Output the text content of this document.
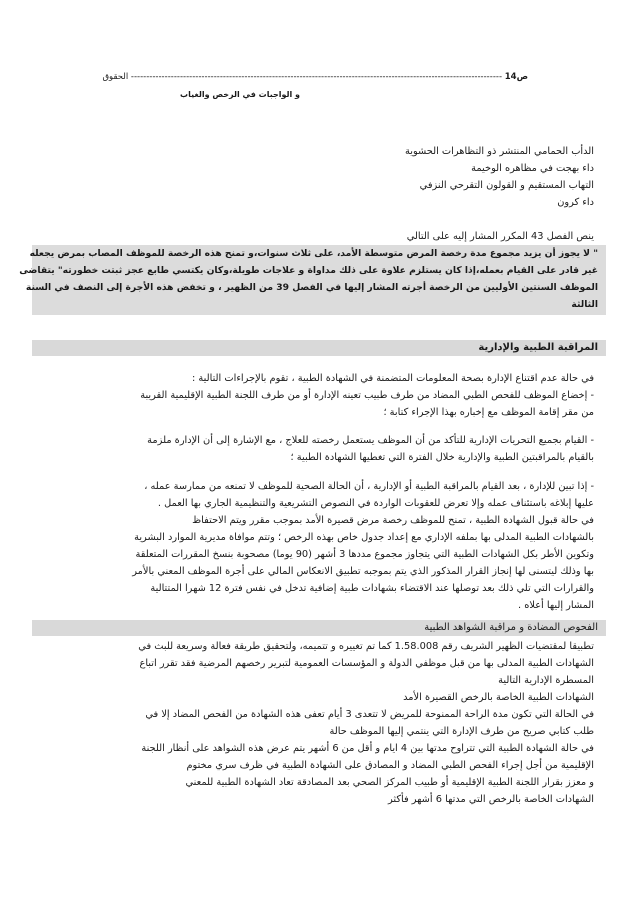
ص14 ------------------------------------------------------------------------------------------------------------------------- الحقوق
و الواجبات في الرخص والغياب
الدأب الحمامي المنتشر ذو التظاهرات الحشوية
داء بهجت في مظاهره الوخيمة
التهاب المستقيم و القولون التقرحي النزفي
داء كرون
ينص الفصل 43 المكرر المشار إليه على التالي
" لا يجوز أن يزيد مجموع مدة رخصة المرض متوسطة الأمد، على ثلاث سنوات،و تمنح هذه الرخصة للموظف المصاب بمرض يجعله
غير قادر على القيام بعمله،إذا كان يستلزم علاوة على ذلك مداواة و علاجات طويلة،وكان يكتسي طابع عجز ثبتت خطورته" يتقاضى
الموظف السنتين الأوليين من الرخصة أجرته المشار إليها في الفصل 39 من الظهير ، و تخفض هذه الأجرة إلى النصف في السنة
الثالثة
المراقبة الطبية والإدارية
في حالة عدم اقتناع الإدارة بصحة المعلومات المتضمنة في الشهادة الطبية ، تقوم بالإجراءات التالية :
- إخضاع الموظف للفحص الطبي المضاد من طرف طبيب تعينه الإدارة أو من طرف اللجنة الطبية الإقليمية القريبة
من مقر إقامة الموظف مع إخباره بهذا الإجراء كتابة ؛
- القيام بجميع التحريات الإدارية للتأكد من أن الموظف يستعمل رخصته للعلاج ، مع الإشارة إلى أن الإدارة ملزمة
بالقيام بالمراقبتين الطبية والإدارية خلال الفترة التي تغطيها الشهادة الطبية ؛
- إذا تبين للإدارة ، بعد القيام بالمراقبة الطبية أو الإدارية ، أن الحالة الصحية للموظف لا تمنعه من ممارسة عمله ،
عليها إبلاغه باستئناف عمله وإلا تعرض للعقوبات الواردة في النصوص التشريعية والتنظيمية الجاري بها العمل .
في حالة قبول الشهادة الطبية ، تمنح للموظف رخصة مرض قصيرة الأمد بموجب مقرر ويتم الاحتفاظ
بالشهادات الطبية المدلى بها بملفه الإداري مع إعداد جدول خاص بهذه الرخص ؛ وتتم موافاة مديرية الموارد البشرية
وتكوين الأطر بكل الشهادات الطبية التي يتجاوز مجموع مددها 3 أشهر (90 يوما) مصحوبة بنسخ المقررات المتعلقة
بها وذلك ليتسنى لها إنجاز القرار المذكور الذي يتم بموجبه تطبيق الانعكاس المالي على أجرة الموظف المعني بالأمر
والقرارات التي تلي ذلك بعد توصلها عند الاقتضاء بشهادات طبية إضافية تدخل في نفس فترة 12 شهرا المتتالية
المشار إليها أعلاه .
الفحوص المضادة و مراقبة الشواهد الطبية
تطبيقا لمقتضيات الظهير الشريف رقم 1.58.008 كما تم تغييره و تتميمه، ولتحقيق طريقة فعالة وسريعة للبث في
الشهادات الطبية المدلى بها من قبل موظفي الدولة و المؤسسات العمومية لتبرير رخصهم المرضية فقد تقرر اتباع
المسطرة الإدارية التالية
الشهادات الطبية الخاصة بالرخص القصيرة الأمد
في الحالة التي تكون مدة الراحة الممنوحة للمريض لا تتعدى 3 أيام تعفى هذه الشهادة من الفحص المضاد إلا في
طلب كتابي صريح من طرف الإدارة التي ينتمي إليها الموظف حالة
في حالة الشهادة الطبية التي تتراوح مدتها بين 4 ايام و أقل من 6 أشهر يتم عرض هذه الشواهد على أنظار اللجنة
الإقليمية من أجل إجراء الفحص الطبي المضاد و المصادق على الشهادة الطبية في ظرف سري مختوم
و معزز بقرار اللجنة الطبية الإقليمية أو طبيب المركز الصحي بعد المصادقة تعاد الشهادة الطبية للمعني
الشهادات الخاصة بالرخص التي مدتها 6 أشهر فأكثر
